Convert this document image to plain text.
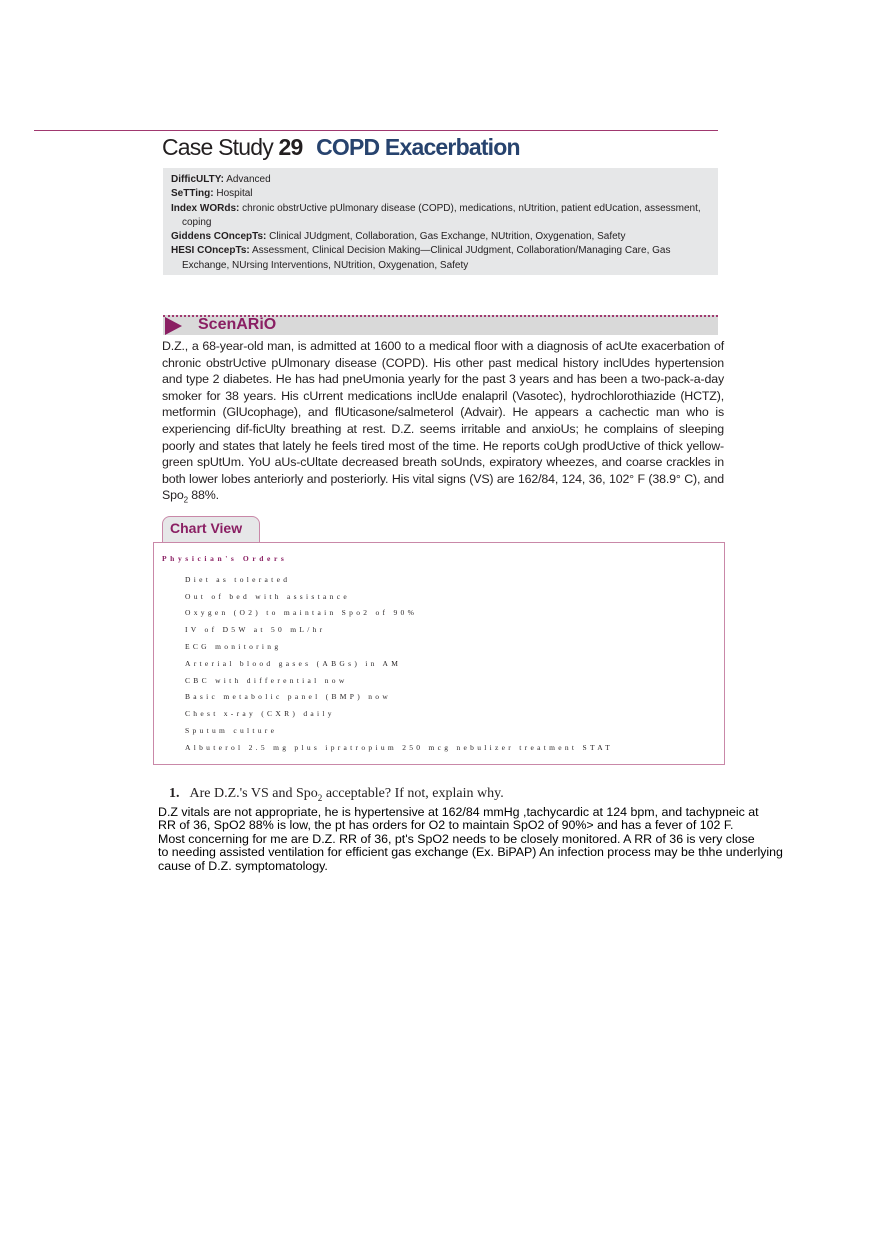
Case Study 29 COPD Exacerbation
DifficULTY: Advanced
SeTTing: Hospital
Index WORds: chronic obstrUctive pUlmonary disease (COPD), medications, nUtrition, patient edUcation, assessment, coping
Giddens COncepTs: Clinical JUdgment, Collaboration, Gas Exchange, NUtrition, Oxygenation, Safety
HESI COncepTs: Assessment, Clinical Decision Making—Clinical JUdgment, Collaboration/Managing Care, Gas Exchange, NUrsing Interventions, NUtrition, Oxygenation, Safety
ScenARiO
D.Z., a 68-year-old man, is admitted at 1600 to a medical floor with a diagnosis of acUte exacerbation of chronic obstrUctive pUlmonary disease (COPD). His other past medical history inclUdes hypertension and type 2 diabetes. He has had pneUmonia yearly for the past 3 years and has been a two-pack-a-day smoker for 38 years. His cUrrent medications inclUde enalapril (Vasotec), hydrochlorothiazide (HCTZ), metformin (GlUcophage), and flUticasone/salmeterol (Advair). He appears a cachectic man who is experiencing dif-ficUlty breathing at rest. D.Z. seems irritable and anxioUs; he complains of sleeping poorly and states that lately he feels tired most of the time. He reports coUgh prodUctive of thick yellow-green spUtUm. YoU aUs-cUltate decreased breath soUnds, expiratory wheezes, and coarse crackles in both lower lobes anteriorly and posteriorly. His vital signs (VS) are 162/84, 124, 36, 102° F (38.9° C), and Spo$_2$ 88%.
Chart View
Physician's Orders
Diet as tolerated
Out of bed with assistance
Oxygen (O2) to maintain Spo2 of 90%
IV of D5W at 50 mL/hr
ECG monitoring
Arterial blood gases (ABGs) in AM
CBC with differential now
Basic metabolic panel (BMP) now
Chest x-ray (CXR) daily
Sputum culture
Albuterol 2.5 mg plus ipratropium 250 mcg nebulizer treatment STAT
1. Are D.Z.'s VS and Spo$_2$ acceptable? If not, explain why.
D.Z vitals are not appropriate, he is hypertensive at 162/84 mmHg ,tachycardic at 124 bpm, and tachypneic at
RR of 36, SpO2 88% is low, the pt has orders for O2 to maintain SpO2 of 90%> and has a fever of 102 F.
Most concerning for me are D.Z. RR of 36, pt's SpO2 needs to be closely monitored. A RR of 36 is very close
to needing assisted ventilation for efficient gas exchange (Ex. BiPAP) An infection process may be thhe underlying
cause of D.Z. symptomatology.
